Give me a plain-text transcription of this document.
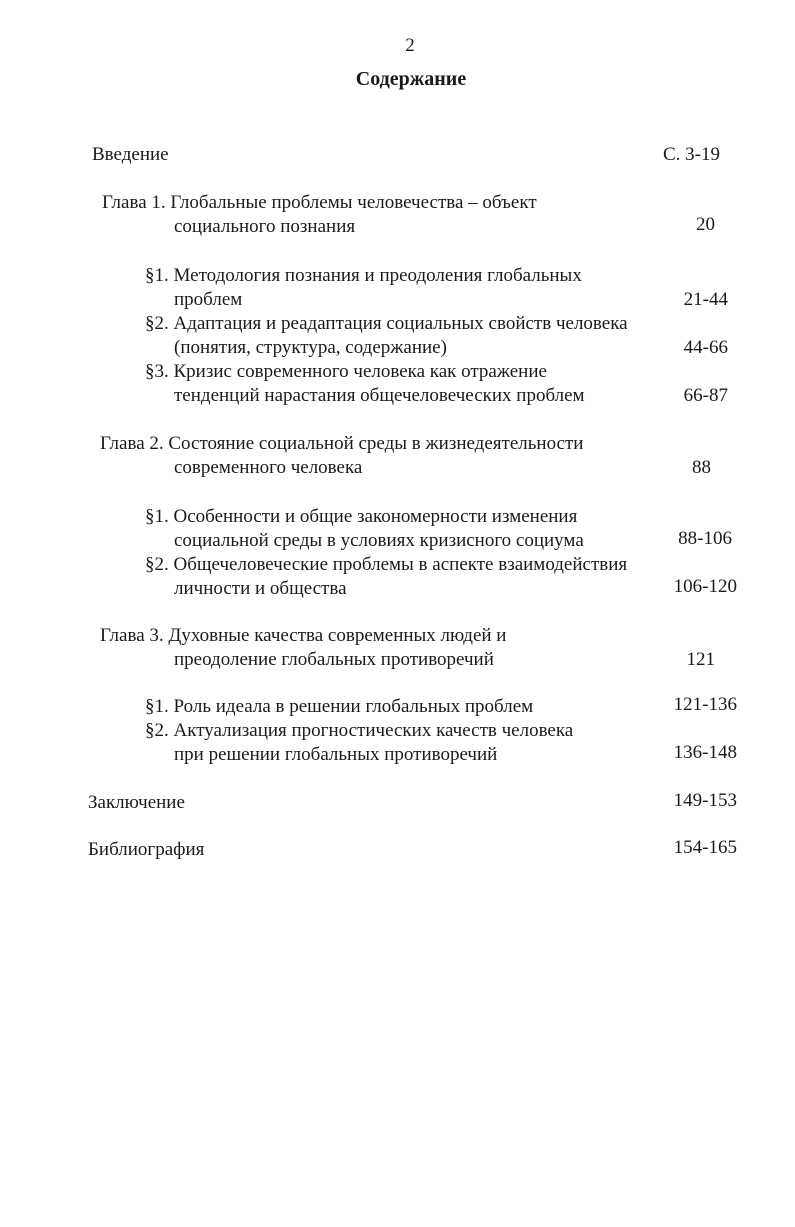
2
Содержание
Введение	С. 3-19
Глава 1. Глобальные проблемы человечества – объект
социального познания	20
§1. Методология познания и преодоления глобальных
проблем	21-44
§2. Адаптация и реадаптация социальных свойств человека
(понятия, структура, содержание)	44-66
§3. Кризис современного человека как отражение
тенденций нарастания общечеловеческих проблем	66-87
Глава 2. Состояние социальной среды в жизнедеятельности
современного человека	88
§1. Особенности и общие закономерности изменения
социальной среды в условиях кризисного социума	88-106
§2. Общечеловеческие проблемы в аспекте взаимодействия
личности и общества	106-120
Глава 3. Духовные качества современных людей и
преодоление глобальных противоречий	121
§1. Роль идеала в решении глобальных проблем	121-136
§2. Актуализация прогностических качеств человека
при решении глобальных противоречий	136-148
Заключение	149-153
Библиография	154-165
